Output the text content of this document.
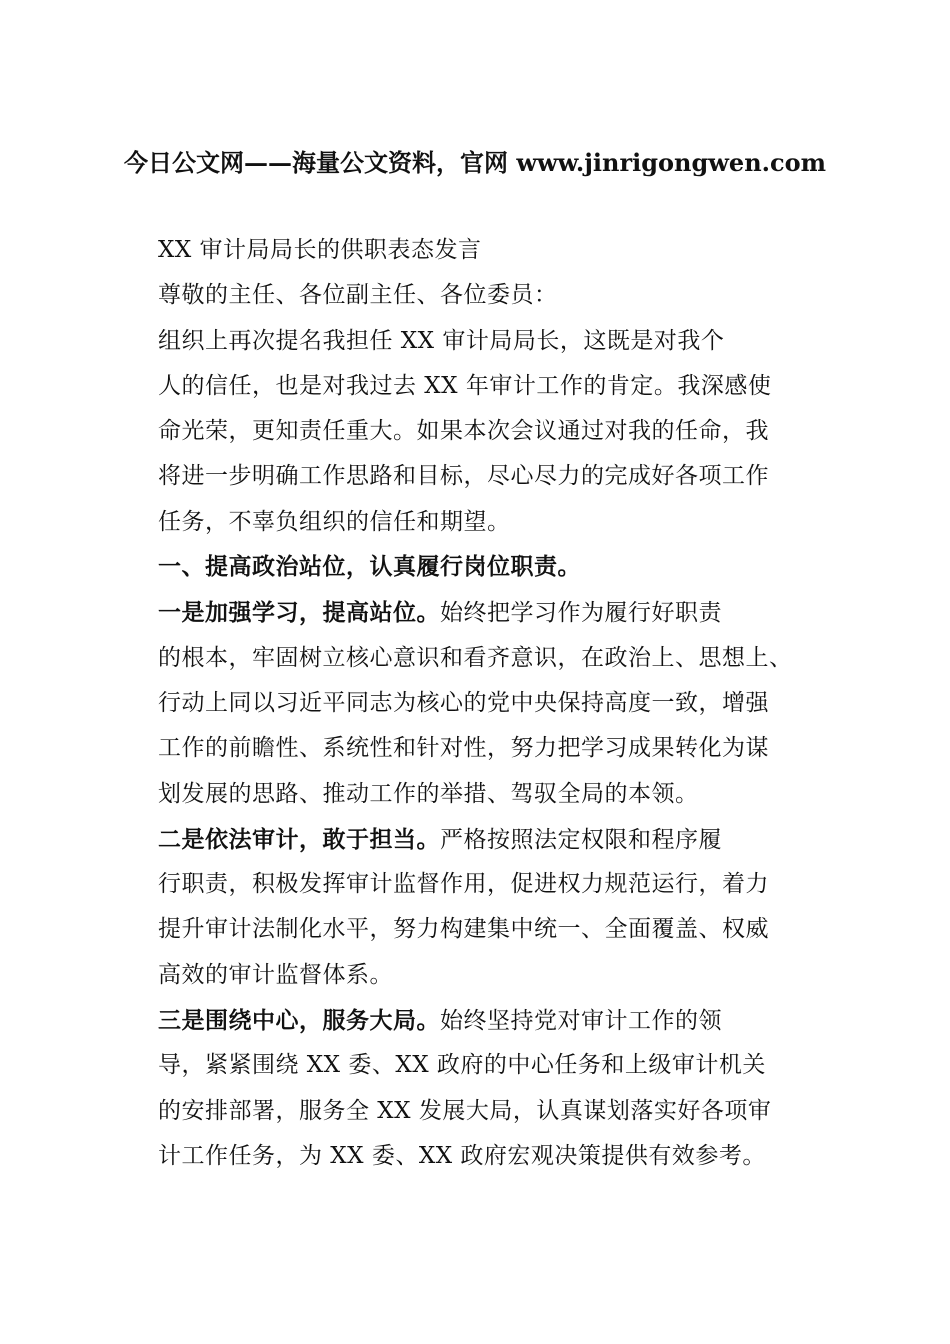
今日公文网——海量公文资料，官网 www.jinrigongwen.com
XX 审计局局长的供职表态发言
尊敬的主任、各位副主任、各位委员：
组织上再次提名我担任 XX 审计局局长，这既是对我个
人的信任，也是对我过去 XX 年审计工作的肯定。我深感使
命光荣，更知责任重大。如果本次会议通过对我的任命，我
将进一步明确工作思路和目标，尽心尽力的完成好各项工作
任务，不辜负组织的信任和期望。
一、提高政治站位，认真履行岗位职责。
一是加强学习，提高站位。始终把学习作为履行好职责
的根本，牢固树立核心意识和看齐意识，在政治上、思想上、
行动上同以习近平同志为核心的党中央保持高度一致，增强
工作的前瞻性、系统性和针对性，努力把学习成果转化为谋
划发展的思路、推动工作的举措、驾驭全局的本领。
二是依法审计，敢于担当。严格按照法定权限和程序履
行职责，积极发挥审计监督作用，促进权力规范运行，着力
提升审计法制化水平，努力构建集中统一、全面覆盖、权威
高效的审计监督体系。
三是围绕中心，服务大局。始终坚持党对审计工作的领
导，紧紧围绕 XX 委、XX 政府的中心任务和上级审计机关
的安排部署，服务全 XX 发展大局，认真谋划落实好各项审
计工作任务，为 XX 委、XX 政府宏观决策提供有效参考。
